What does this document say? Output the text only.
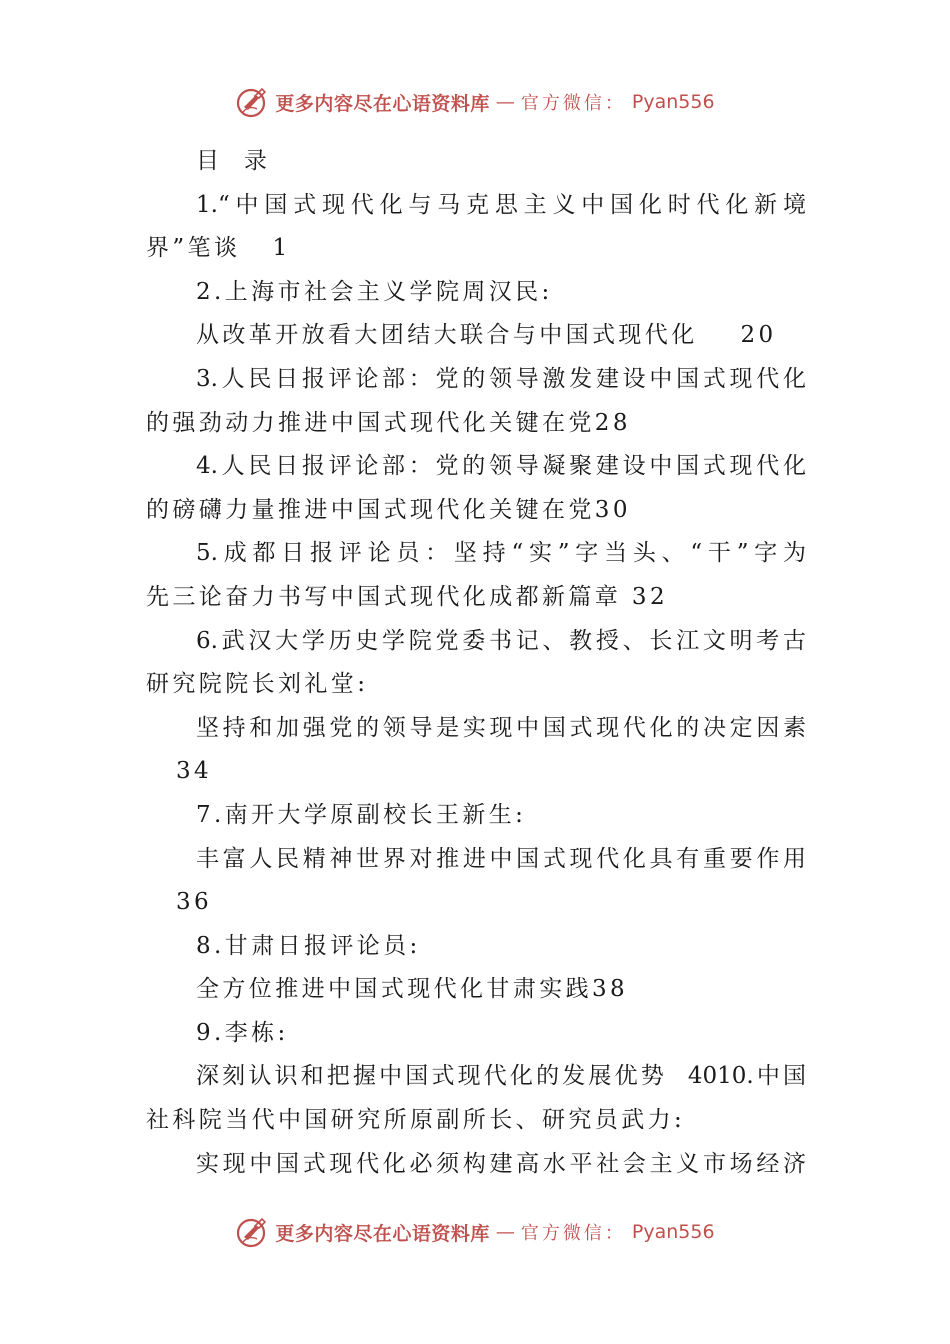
更多内容尽在心语资料库 — 官方微信： Pyan556
目  录
1.“中国式现代化与马克思主义中国化时代化新境
界”笔谈   1
2.上海市社会主义学院周汉民:
从改革开放看大团结大联合与中国式现代化    20
3.人民日报评论部：党的领导激发建设中国式现代化
的强劲动力推进中国式现代化关键在党28
4.人民日报评论部：党的领导凝聚建设中国式现代化
的磅礴力量推进中国式现代化关键在党30
5.成都日报评论员：坚持“实”字当头、“干”字为
先三论奋力书写中国式现代化成都新篇章 32
6.武汉大学历史学院党委书记、教授、长江文明考古
研究院院长刘礼堂:
坚持和加强党的领导是实现中国式现代化的决定因素
34
7.南开大学原副校长王新生:
丰富人民精神世界对推进中国式现代化具有重要作用
36
8.甘肃日报评论员:
全方位推进中国式现代化甘肃实践38
9.李栋:
深刻认识和把握中国式现代化的发展优势  4010.中国
社科院当代中国研究所原副所长、研究员武力:
实现中国式现代化必须构建高水平社会主义市场经济
更多内容尽在心语资料库 — 官方微信： Pyan556
